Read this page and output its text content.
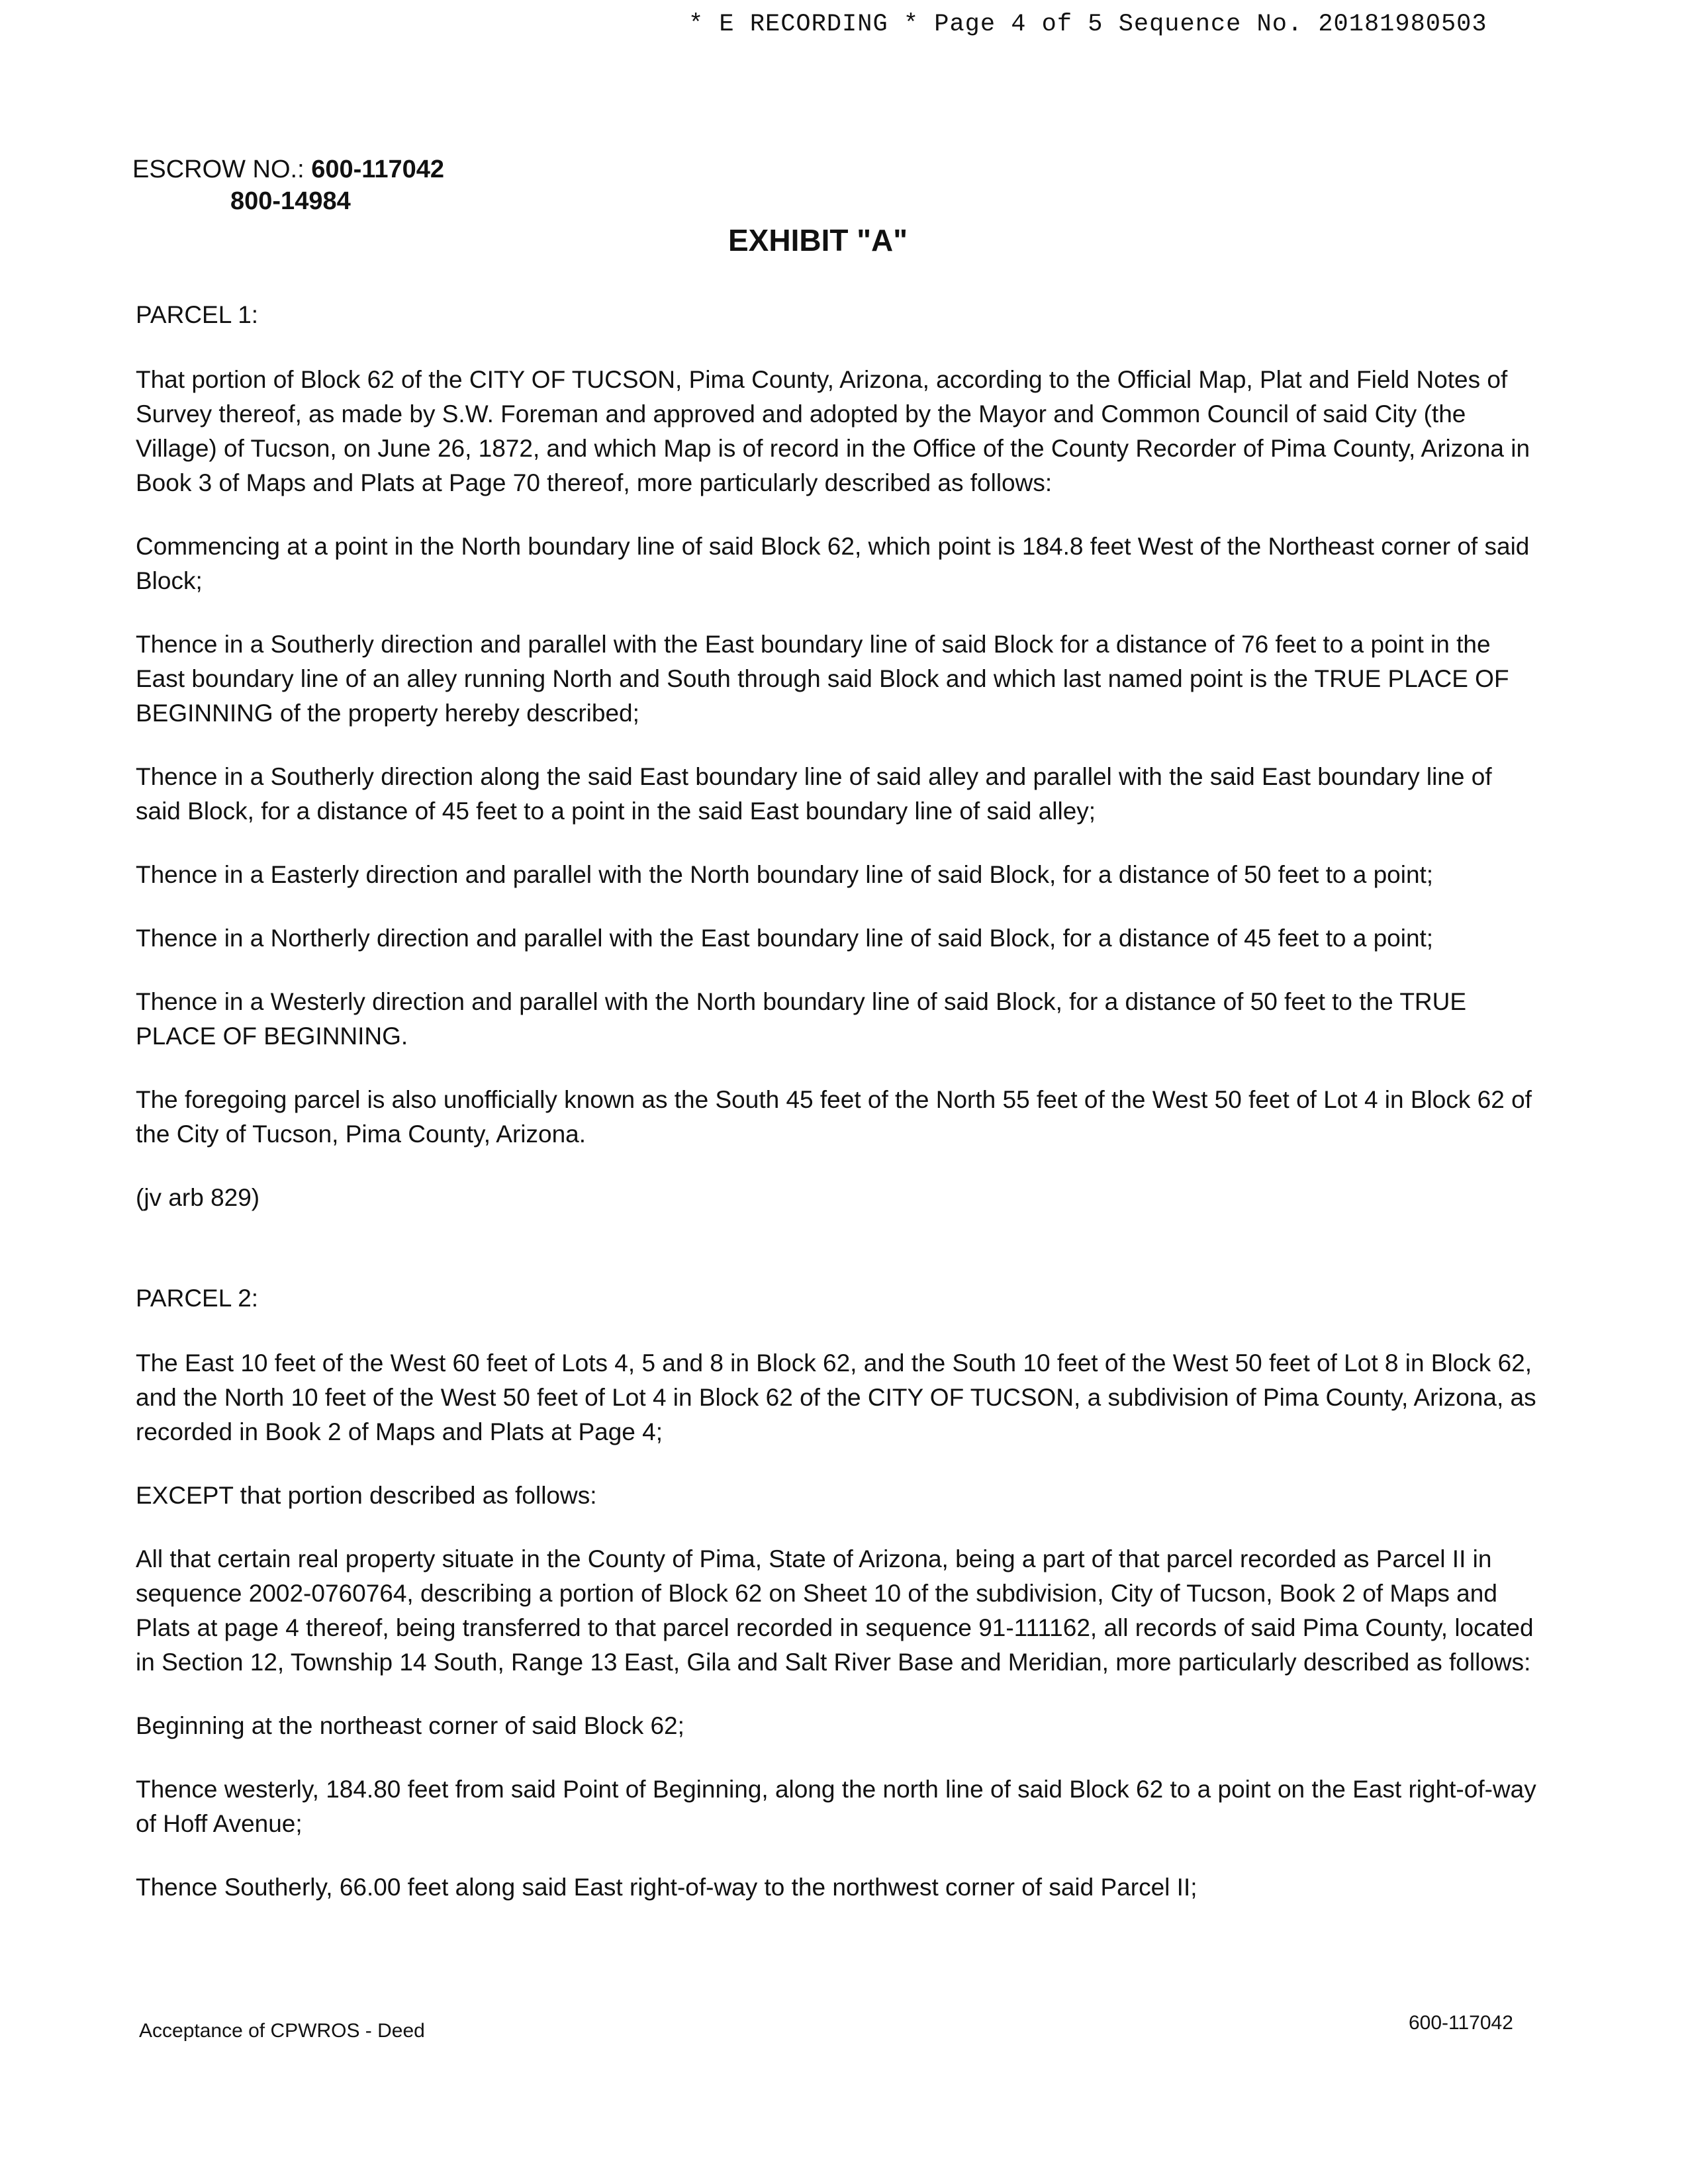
* E RECORDING * Page 4 of 5 Sequence No. 20181980503
ESCROW NO.: 600-117042
800-14984
EXHIBIT "A"

PARCEL 1:

That portion of Block 62 of the CITY OF TUCSON, Pima County, Arizona, according to the Official Map, Plat and Field Notes of Survey thereof, as made by S.W. Foreman and approved and adopted by the Mayor and Common Council of said City (the Village) of Tucson, on June 26, 1872, and which Map is of record in the Office of the County Recorder of Pima County, Arizona in Book 3 of Maps and Plats at Page 70 thereof, more particularly described as follows:

Commencing at a point in the North boundary line of said Block 62, which point is 184.8 feet West of the Northeast corner of said Block;

Thence in a Southerly direction and parallel with the East boundary line of said Block for a distance of 76 feet to a point in the East boundary line of an alley running North and South through said Block and which last named point is the TRUE PLACE OF BEGINNING of the property hereby described;

Thence in a Southerly direction along the said East boundary line of said alley and parallel with the said East boundary line of said Block, for a distance of 45 feet to a point in the said East boundary line of said alley;

Thence in a Easterly direction and parallel with the North boundary line of said Block, for a distance of 50 feet to a point;

Thence in a Northerly direction and parallel with the East boundary line of said Block, for a distance of 45 feet to a point;

Thence in a Westerly direction and parallel with the North boundary line of said Block, for a distance of 50 feet to the TRUE PLACE OF BEGINNING.

The foregoing parcel is also unofficially known as the South 45 feet of the North 55 feet of the West 50 feet of Lot 4 in Block 62 of the City of Tucson, Pima County, Arizona.

(jv arb 829)

PARCEL 2:

The East 10 feet of the West 60 feet of Lots 4, 5 and 8 in Block 62, and the South 10 feet of the West 50 feet of Lot 8 in Block 62, and the North 10 feet of the West 50 feet of Lot 4 in Block 62 of the CITY OF TUCSON, a subdivision of Pima County, Arizona, as recorded in Book 2 of Maps and Plats at Page 4;

EXCEPT that portion described as follows:

All that certain real property situate in the County of Pima, State of Arizona, being a part of that parcel recorded as Parcel II in sequence 2002-0760764, describing a portion of Block 62 on Sheet 10 of the subdivision, City of Tucson, Book 2 of Maps and Plats at page 4 thereof, being transferred to that parcel recorded in sequence 91-111162, all records of said Pima County, located in Section 12, Township 14 South, Range 13 East, Gila and Salt River Base and Meridian, more particularly described as follows:

Beginning at the northeast corner of said Block 62;

Thence westerly, 184.80 feet from said Point of Beginning, along the north line of said Block 62 to a point on the East right-of-way of Hoff Avenue;

Thence Southerly, 66.00 feet along said East right-of-way to the northwest corner of said Parcel II;

Acceptance of CPWROS - Deed	600-117042
